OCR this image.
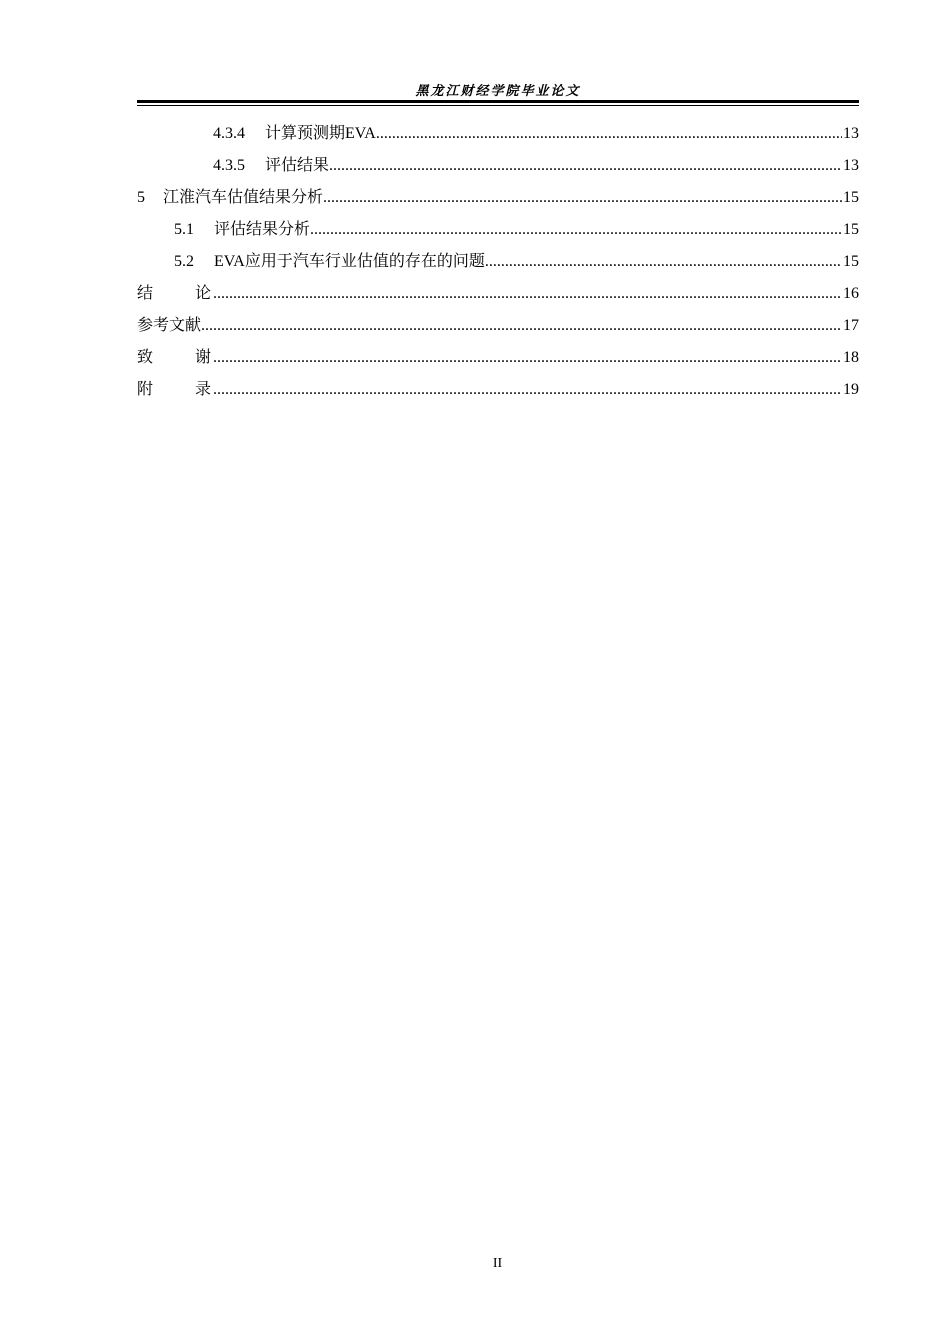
黑龙江财经学院毕业论文
4.3.4 计算预测期EVA .....	13
4.3.5 评估结果 .....	13
5 江淮汽车估值结果分析 .....	15
5.1 评估结果分析 .....	15
5.2 EVA应用于汽车行业估值的存在的问题 .....	15
结	论 .....	16
参考文献 .....	17
致	谢 .....	18
附	录 .....	19
II
